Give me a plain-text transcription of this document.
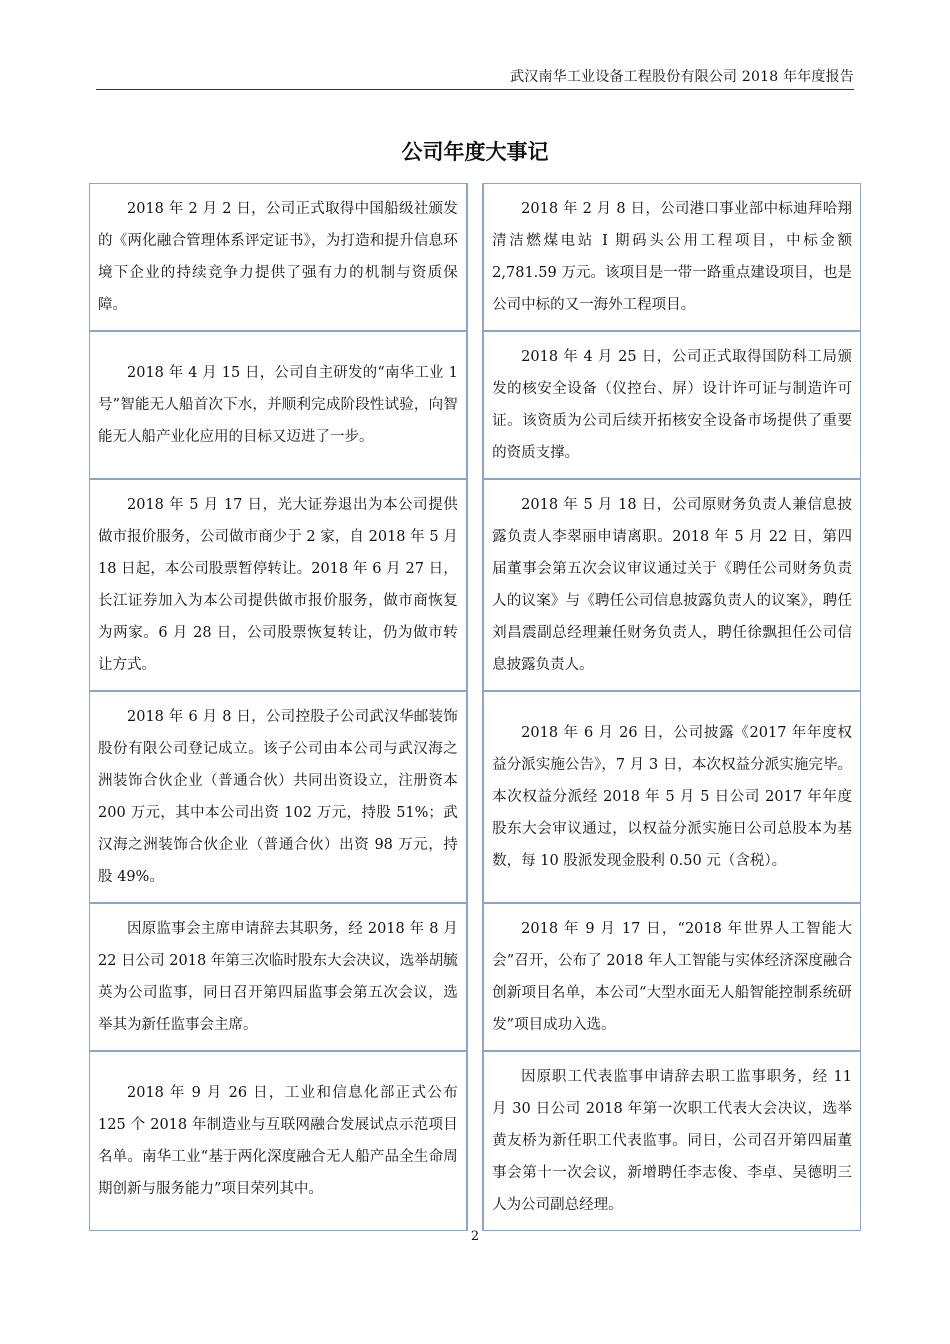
武汉南华工业设备工程股份有限公司 2018 年年度报告
公司年度大事记

2018 年 2 月 2 日，公司正式取得中国船级社颁发的《两化融合管理体系评定证书》，为打造和提升信息环境下企业的持续竞争力提供了强有力的机制与资质保障。		2018 年 2 月 8 日，公司港口事业部中标迪拜哈翔清洁燃煤电站 I 期码头公用工程项目，中标金额 2,781.59 万元。该项目是一带一路重点建设项目，也是公司中标的又一海外工程项目。

2018 年 4 月 15 日，公司自主研发的“南华工业 1 号”智能无人船首次下水，并顺利完成阶段性试验，向智能无人船产业化应用的目标又迈进了一步。		2018 年 4 月 25 日，公司正式取得国防科工局颁发的核安全设备（仪控台、屏）设计许可证与制造许可证。该资质为公司后续开拓核安全设备市场提供了重要的资质支撑。

2018 年 5 月 17 日，光大证券退出为本公司提供做市报价服务，公司做市商少于 2 家，自 2018 年 5 月 18 日起，本公司股票暂停转让。2018 年 6 月 27 日，长江证券加入为本公司提供做市报价服务，做市商恢复为两家。6 月 28 日，公司股票恢复转让，仍为做市转让方式。		2018 年 5 月 18 日，公司原财务负责人兼信息披露负责人李翠丽申请离职。2018 年 5 月 22 日，第四届董事会第五次会议审议通过关于《聘任公司财务负责人的议案》与《聘任公司信息披露负责人的议案》，聘任刘昌震副总经理兼任财务负责人，聘任徐飘担任公司信息披露负责人。

2018 年 6 月 8 日，公司控股子公司武汉华邮装饰股份有限公司登记成立。该子公司由本公司与武汉海之洲装饰合伙企业（普通合伙）共同出资设立，注册资本 200 万元，其中本公司出资 102 万元，持股 51%；武汉海之洲装饰合伙企业（普通合伙）出资 98 万元，持股 49%。		2018 年 6 月 26 日，公司披露《2017 年年度权益分派实施公告》，7 月 3 日，本次权益分派实施完毕。本次权益分派经 2018 年 5 月 5 日公司 2017 年年度股东大会审议通过，以权益分派实施日公司总股本为基数，每 10 股派发现金股利 0.50 元（含税）。

因原监事会主席申请辞去其职务，经 2018 年 8 月 22 日公司 2018 年第三次临时股东大会决议，选举胡毓英为公司监事，同日召开第四届监事会第五次会议，选举其为新任监事会主席。		2018 年 9 月 17 日，“2018 年世界人工智能大会”召开，公布了 2018 年人工智能与实体经济深度融合创新项目名单，本公司“大型水面无人船智能控制系统研发”项目成功入选。

2018 年 9 月 26 日，工业和信息化部正式公布 125 个 2018 年制造业与互联网融合发展试点示范项目名单。南华工业“基于两化深度融合无人船产品全生命周期创新与服务能力”项目荣列其中。		因原职工代表监事申请辞去职工监事职务，经 11 月 30 日公司 2018 年第一次职工代表大会决议，选举黄友桥为新任职工代表监事。同日，公司召开第四届董事会第十一次会议，新增聘任李志俊、李卓、吴德明三人为公司副总经理。

2
